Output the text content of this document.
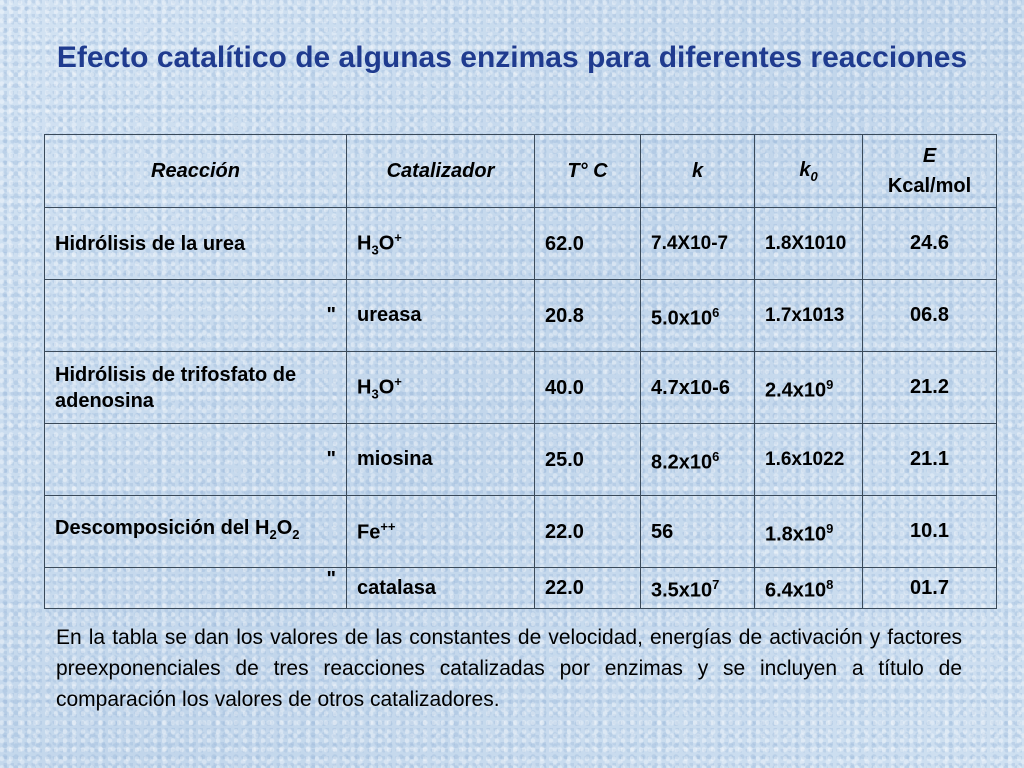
Efecto catalítico de algunas enzimas para diferentes reacciones
Reacción	Catalizador	T° C	k	$k_0$	E
Kcal/mol
Hidrólisis de la urea	$H_3O^+$	62.0	7.4X10-7	1.8X1010	24.6
"	ureasa	20.8	$5.0x10^6$	1.7x1013	06.8
Hidrólisis de trifosfato de adenosina	$H_3O^+$	40.0	4.7x10-6	$2.4x10^9$	21.2
"	miosina	25.0	$8.2x10^6$	1.6x1022	21.1
Descomposición del $H_2O_2$	Fe++	22.0	56	$1.8x10^9$	10.1
"	catalasa	22.0	$3.5x10^7$	$6.4x10^8$	01.7
En la tabla se dan los valores de las constantes de velocidad, energías de activación y factores preexponenciales de tres reacciones catalizadas por enzimas y se incluyen a título de comparación los valores de otros catalizadores.
